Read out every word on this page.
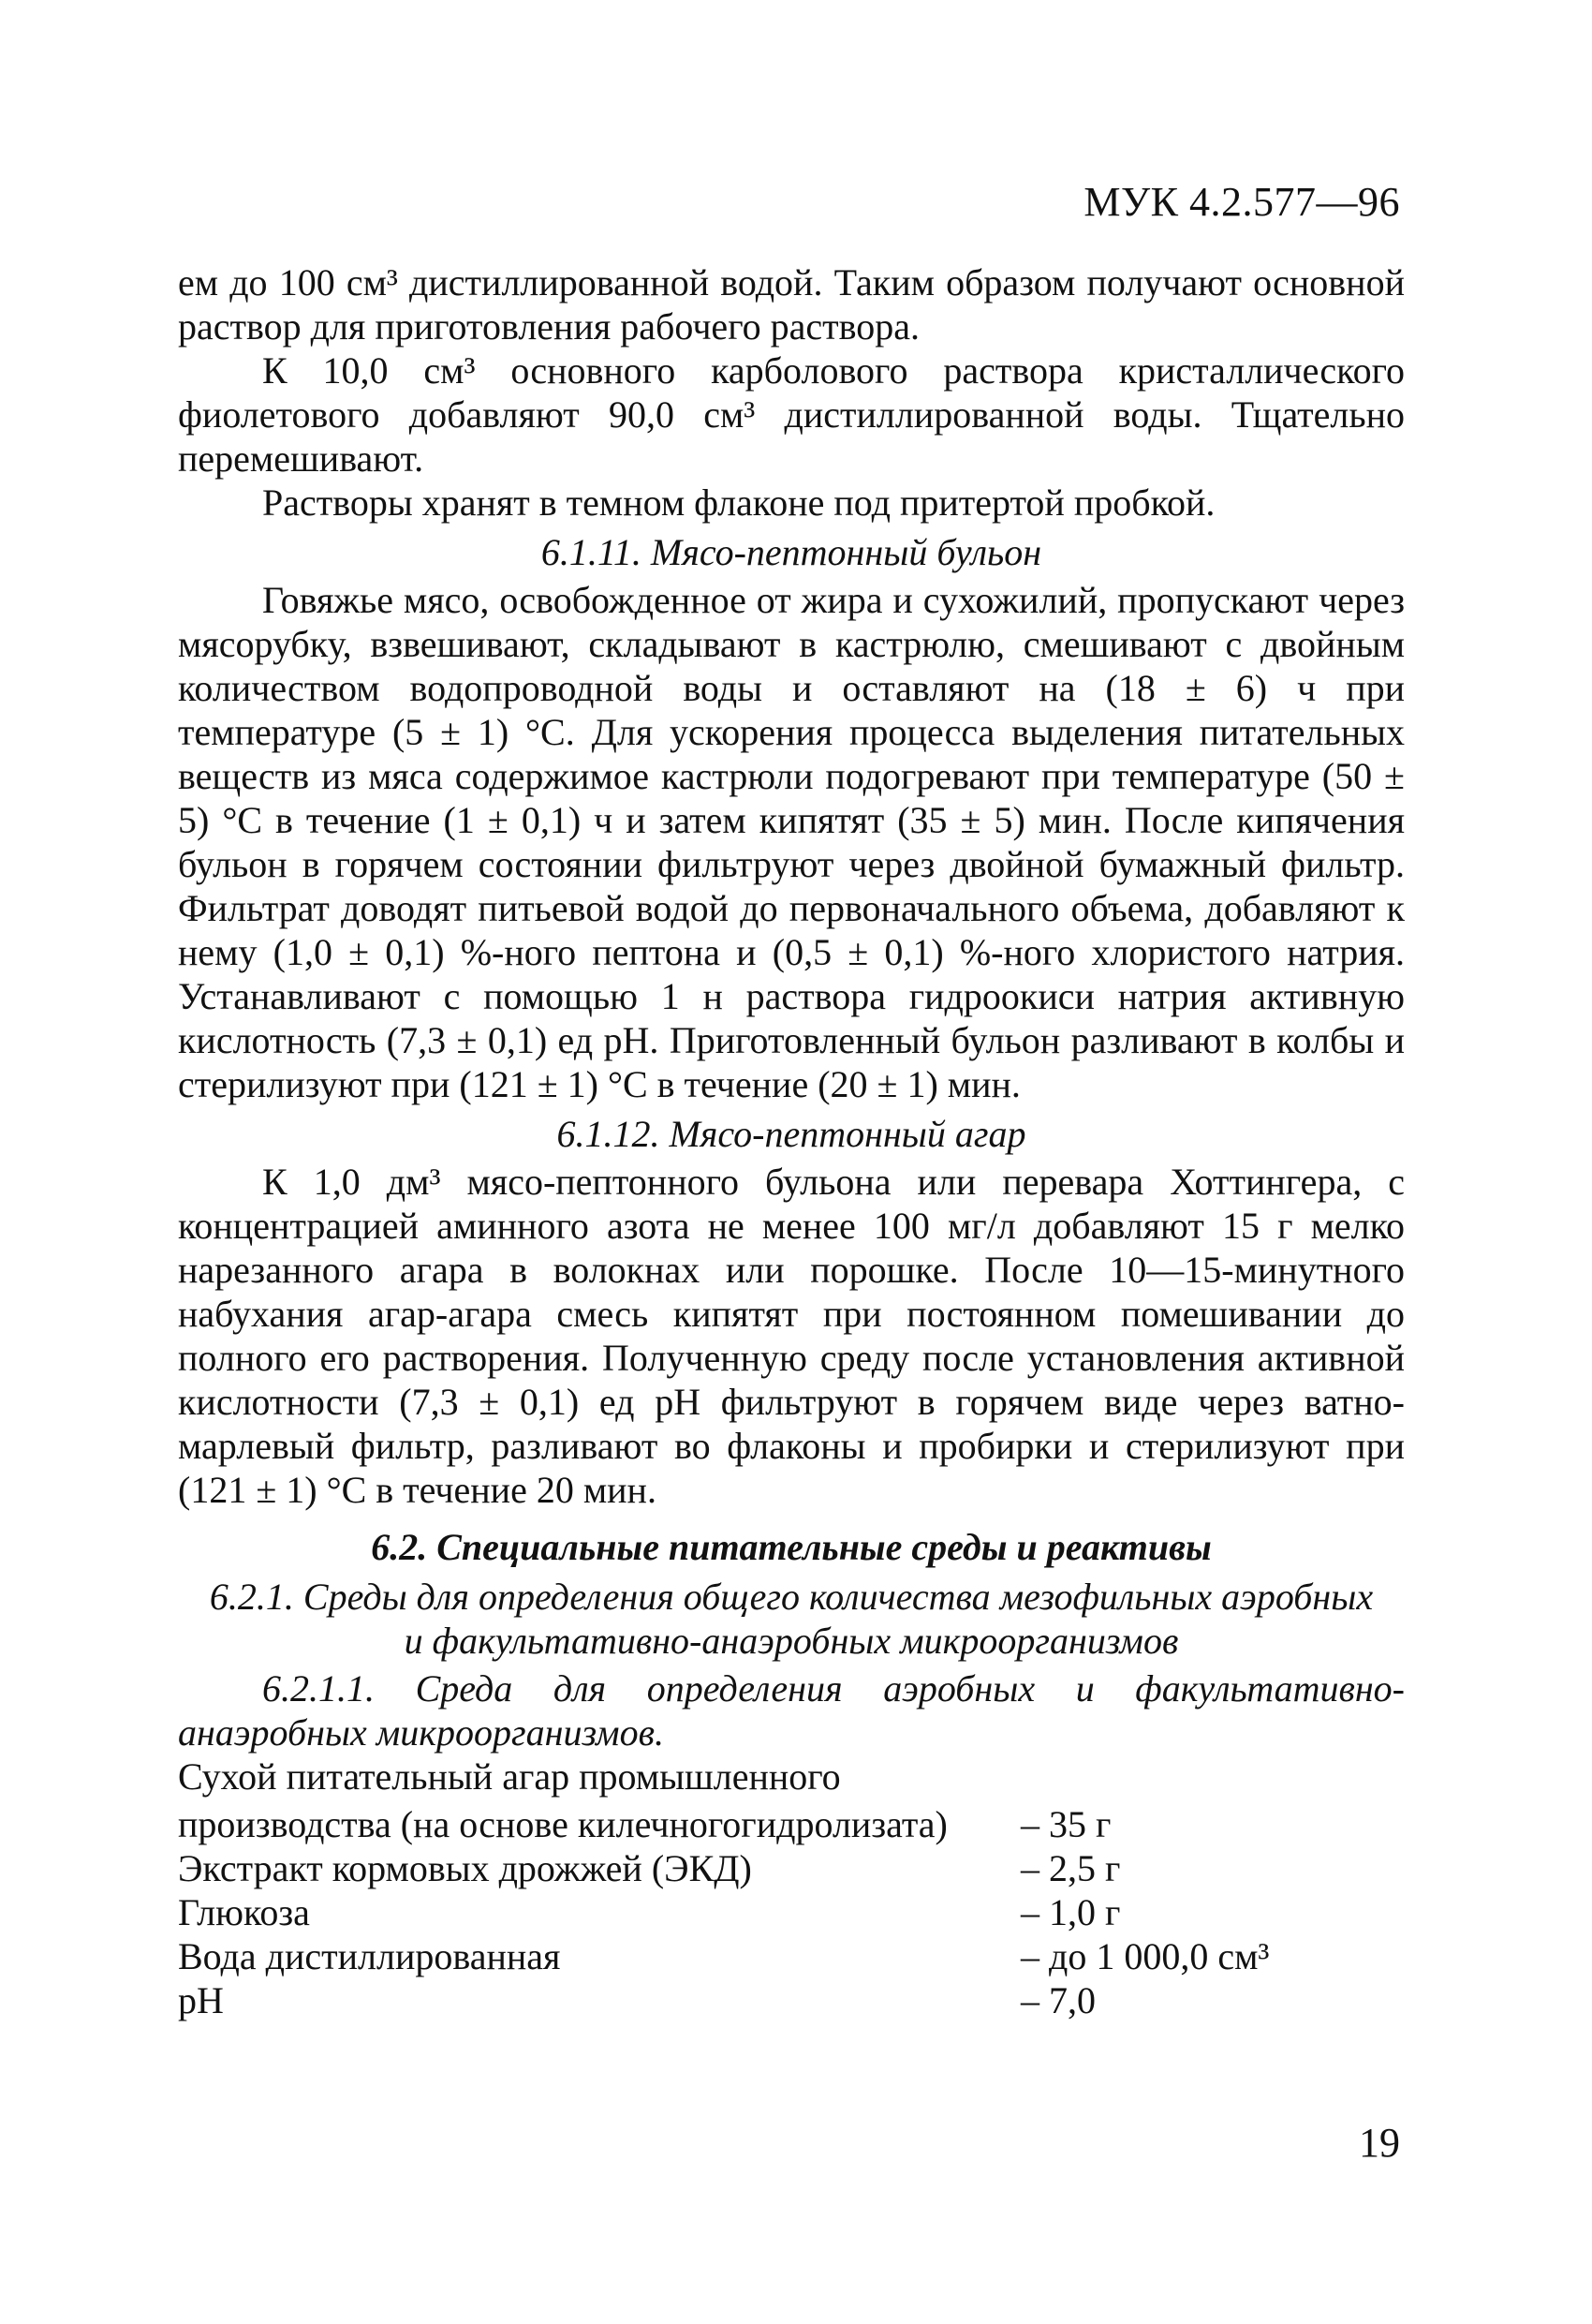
МУК 4.2.577—96

ем до 100 см³ дистиллированной водой. Таким образом получают основной раствор для приготовления рабочего раствора.

К 10,0 см³ основного карболового раствора кристаллического фиолетового добавляют 90,0 см³ дистиллированной воды. Тщательно перемешивают.

Растворы хранят в темном флаконе под притертой пробкой.

6.1.11. Мясо-пептонный бульон

Говяжье мясо, освобожденное от жира и сухожилий, пропускают через мясорубку, взвешивают, складывают в кастрюлю, смешивают с двойным количеством водопроводной воды и оставляют на (18 ± 6) ч при температуре (5 ± 1) °С. Для ускорения процесса выделения питательных веществ из мяса содержимое кастрюли подогревают при температуре (50 ± 5) °С в течение (1 ± 0,1) ч и затем кипятят (35 ± 5) мин. После кипячения бульон в горячем состоянии фильтруют через двойной бумажный фильтр. Фильтрат доводят питьевой водой до первоначального объема, добавляют к нему (1,0 ± 0,1) %-ного пептона и (0,5 ± 0,1) %-ного хлористого натрия. Устанавливают с помощью 1 н раствора гидроокиси натрия активную кислотность (7,3 ± 0,1) ед pH. Приготовленный бульон разливают в колбы и стерилизуют при (121 ± 1) °С в течение (20 ± 1) мин.

6.1.12. Мясо-пептонный агар

К 1,0 дм³ мясо-пептонного бульона или перевара Хоттингера, с концентрацией аминного азота не менее 100 мг/л добавляют 15 г мелко нарезанного агара в волокнах или порошке. После 10—15-минутного набухания агар-агара смесь кипятят при постоянном помешивании до полного его растворения. Полученную среду после установления активной кислотности (7,3 ± 0,1) ед pH фильтруют в горячем виде через ватно-марлевый фильтр, разливают во флаконы и пробирки и стерилизуют при (121 ± 1) °С в течение 20 мин.

6.2. Специальные питательные среды и реактивы
6.2.1. Среды для определения общего количества мезофильных аэробных
и факультативно-анаэробных микроорганизмов

6.2.1.1. Среда для определения аэробных и факультативно-анаэробных микроорганизмов.

Сухой питательный агар промышленного
производства (на основе килечногогидролизата)	– 35 г
Экстракт кормовых дрожжей (ЭКД)	– 2,5 г
Глюкоза	– 1,0 г
Вода дистиллированная	– до 1 000,0 см³
pH	– 7,0
19
